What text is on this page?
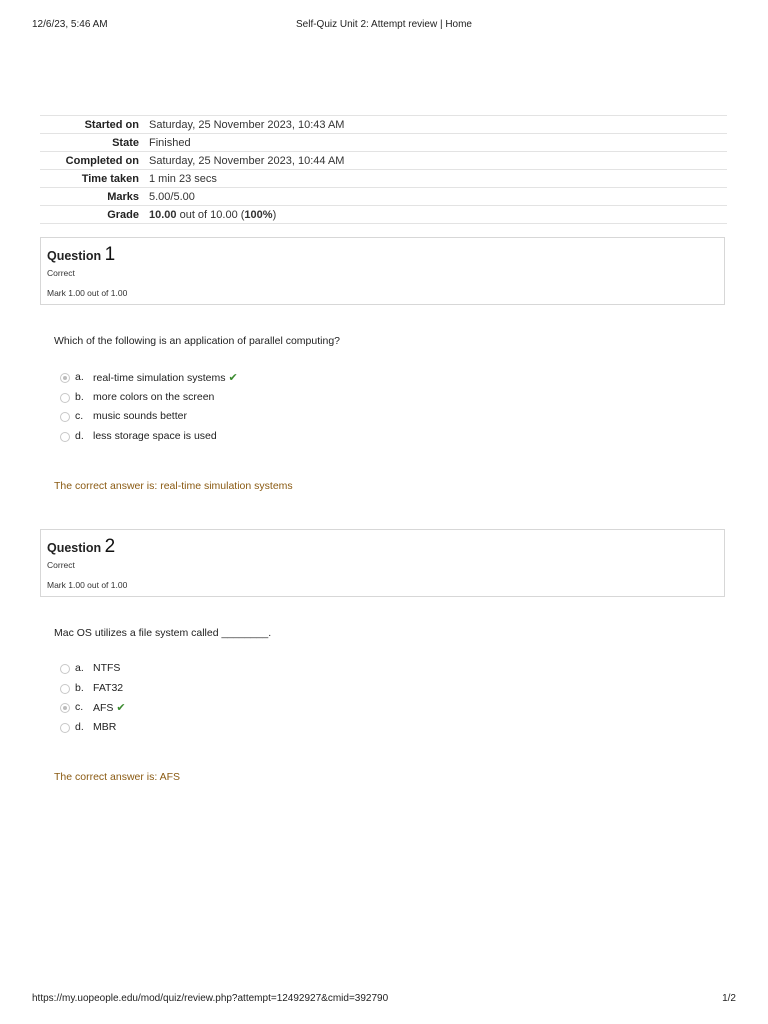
12/6/23, 5:46 AM	Self-Quiz Unit 2: Attempt review | Home
Started on	Saturday, 25 November 2023, 10:43 AM
State	Finished
Completed on	Saturday, 25 November 2023, 10:44 AM
Time taken	1 min 23 secs
Marks	5.00/5.00
Grade	10.00 out of 10.00 (100%)
Question 1
Correct
Mark 1.00 out of 1.00
Which of the following is an application of parallel computing?
a. real-time simulation systems ✔
b. more colors on the screen
c. music sounds better
d. less storage space is used
The correct answer is: real-time simulation systems
Question 2
Correct
Mark 1.00 out of 1.00
Mac OS utilizes a file system called ________.
a. NTFS
b. FAT32
c. AFS ✔
d. MBR
The correct answer is: AFS
https://my.uopeople.edu/mod/quiz/review.php?attempt=12492927&cmid=392790	1/2
